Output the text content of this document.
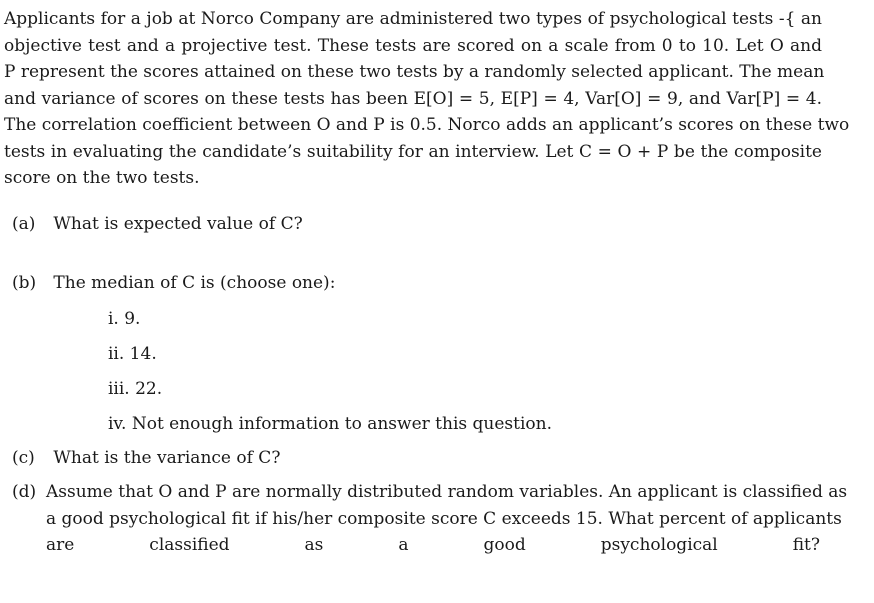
Applicants for a job at Norco Company are administered two types of psychological tests -{ an
objective test and a projective test. These tests are scored on a scale from 0 to 10. Let O and
P represent the scores attained on these two tests by a randomly selected applicant. The mean
and variance of scores on these tests has been E[O] = 5, E[P] = 4, Var[O] = 9, and Var[P] = 4.
The correlation coefficient between O and P is 0.5. Norco adds an applicant’s scores on these two
tests in evaluating the candidate’s suitability for an interview. Let C = O + P be the composite
score on the two tests.
(a) What is expected value of C?
(b) The median of C is (choose one):
i. 9.
ii. 14.
iii. 22.
iv. Not enough information to answer this question.
(c) What is the variance of C?
(d) Assume that O and P are normally distributed random variables. An applicant is classified as
a good psychological fit if his/her composite score C exceeds 15. What percent of applicants
are classified as a good psychological fit?
